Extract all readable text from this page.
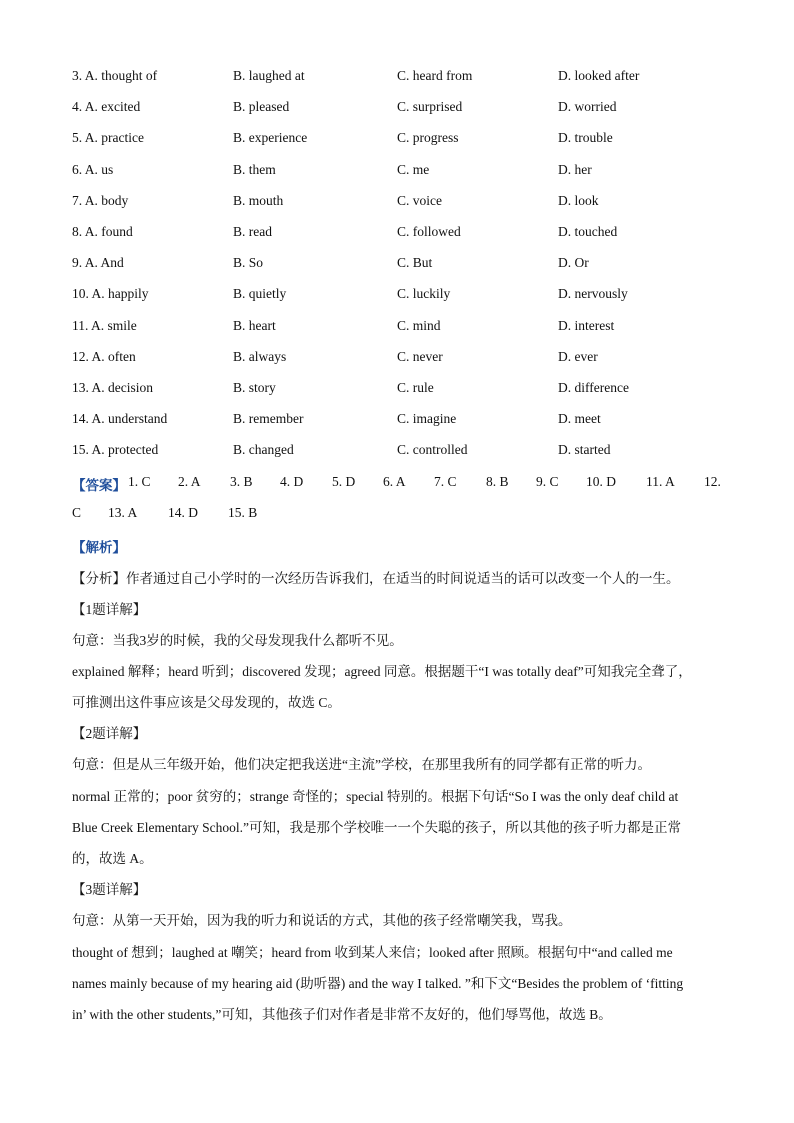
3. A. thought of	B. laughed at	C. heard from	D. looked after
4. A. excited	B. pleased	C. surprised	D. worried
5. A. practice	B. experience	C. progress	D. trouble
6. A. us	B. them	C. me	D. her
7. A. body	B. mouth	C. voice	D. look
8. A. found	B. read	C. followed	D. touched
9. A. And	B. So	C. But	D. Or
10. A. happily	B. quietly	C. luckily	D. nervously
11. A. smile	B. heart	C. mind	D. interest
12. A. often	B. always	C. never	D. ever
13. A. decision	B. story	C. rule	D. difference
14. A. understand	B. remember	C. imagine	D. meet
15. A. protected	B. changed	C. controlled	D. started
【答案】 1. C 2. A 3. B 4. D 5. D 6. A 7. C 8. B 9. C 10. D 11. A 12.
C 13. A 14. D 15. B
【解析】
【分析】作者通过自己小学时的一次经历告诉我们，在适当的时间说适当的话可以改变一个人的一生。
【1题详解】
句意：当我3岁的时候，我的父母发现我什么都听不见。
explained 解释；heard 听到；discovered 发现；agreed 同意。根据题干“I was totally deaf”可知我完全聋了，
可推测出这件事应该是父母发现的，故选 C。
【2题详解】
句意：但是从三年级开始，他们决定把我送进“主流”学校，在那里我所有的同学都有正常的听力。
normal 正常的；poor 贫穷的；strange 奇怪的；special 特别的。根据下句话“So I was the only deaf child at
Blue Creek Elementary School.”可知，我是那个学校唯一一个失聪的孩子，所以其他的孩子听力都是正常
的，故选 A。
【3题详解】
句意：从第一天开始，因为我的听力和说话的方式，其他的孩子经常嘲笑我，骂我。
thought of 想到；laughed at 嘲笑；heard from 收到某人来信；looked after 照顾。根据句中“and called me
names mainly because of my hearing aid (助听器) and the way I talked. ”和下文“Besides the problem of ‘fitting
in’ with the other students,”可知，其他孩子们对作者是非常不友好的，他们辱骂他，故选 B。
